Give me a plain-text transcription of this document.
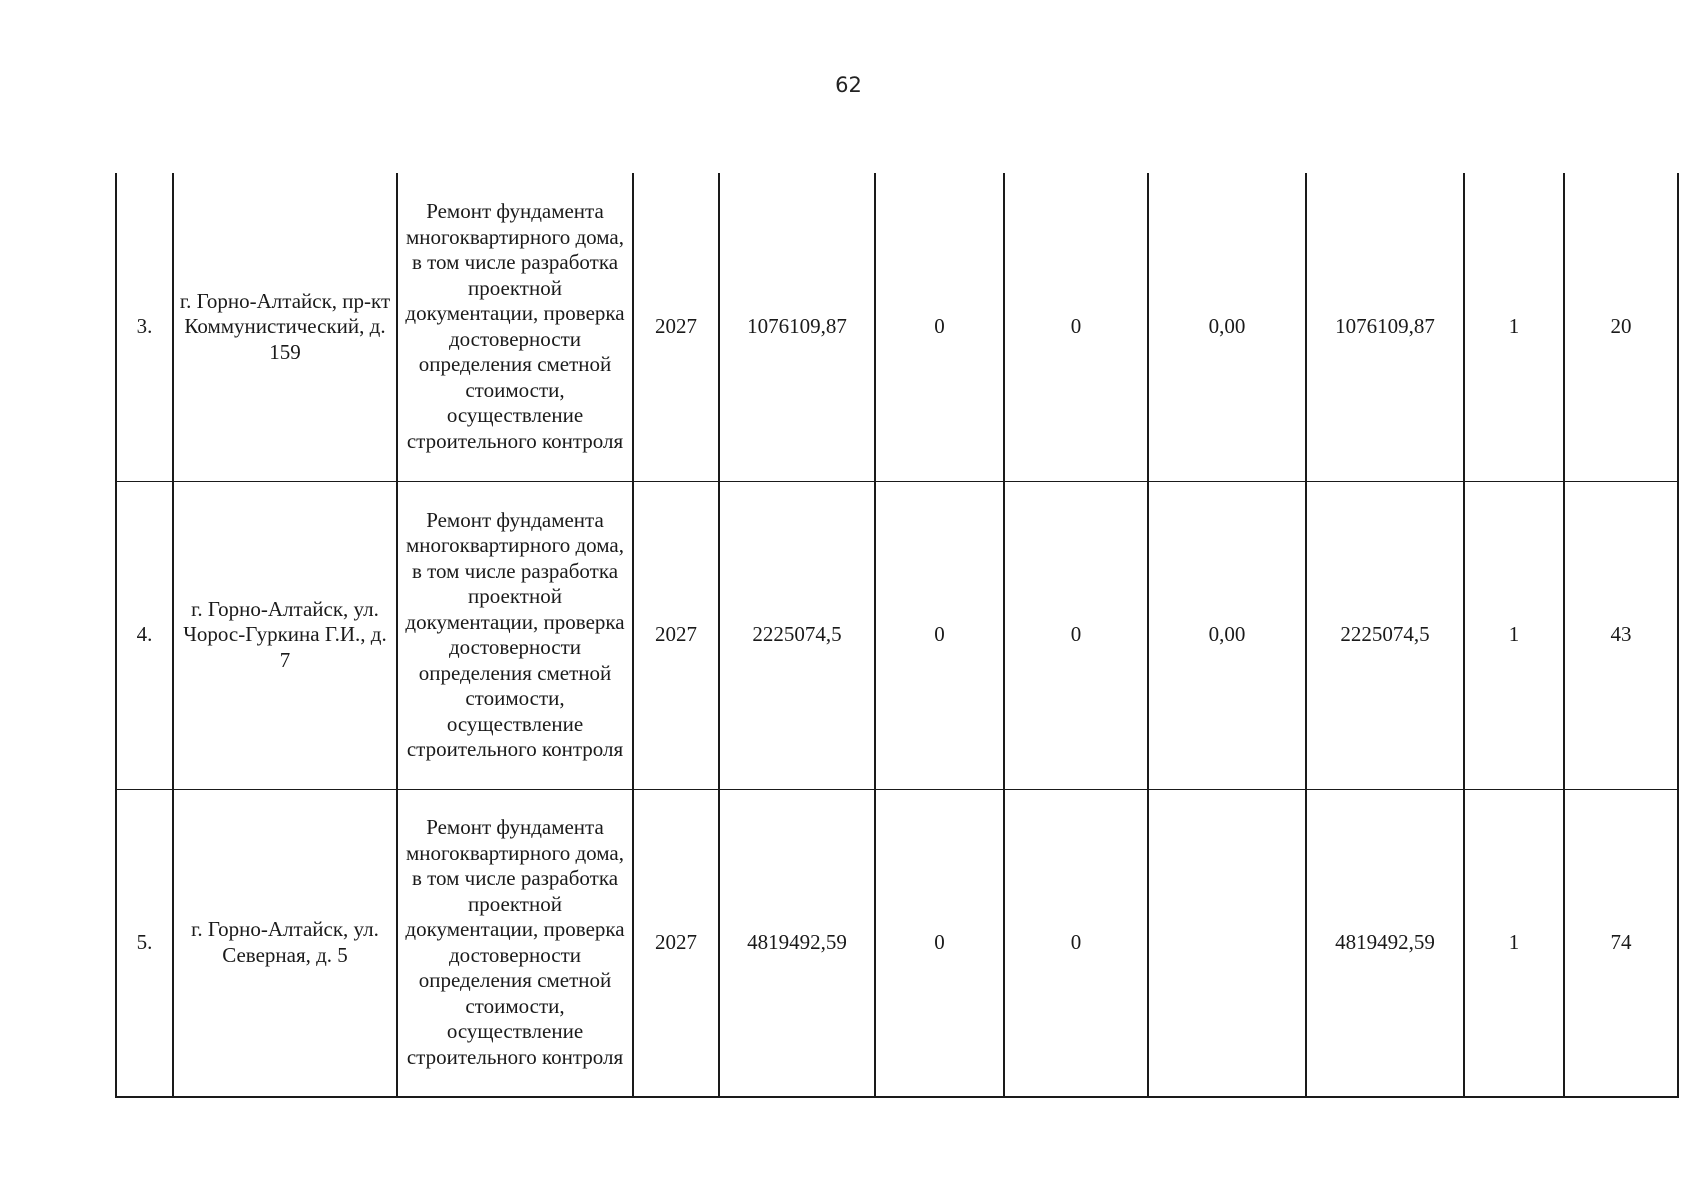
62
3.	г. Горно-Алтайск, пр-кт Коммунистический, д. 159	Ремонт фундамента многоквартирного дома, в том числе разработка проектной документации, проверка достоверности определения сметной стоимости, осуществление строительного контроля	2027	1076109,87	0	0	0,00	1076109,87	1	20
4.	г. Горно-Алтайск, ул. Чорос-Гуркина Г.И., д. 7	Ремонт фундамента многоквартирного дома, в том числе разработка проектной документации, проверка достоверности определения сметной стоимости, осуществление строительного контроля	2027	2225074,5	0	0	0,00	2225074,5	1	43
5.	г. Горно-Алтайск, ул. Северная, д. 5	Ремонт фундамента многоквартирного дома, в том числе разработка проектной документации, проверка достоверности определения сметной стоимости, осуществление строительного контроля	2027	4819492,59	0	0		4819492,59	1	74
